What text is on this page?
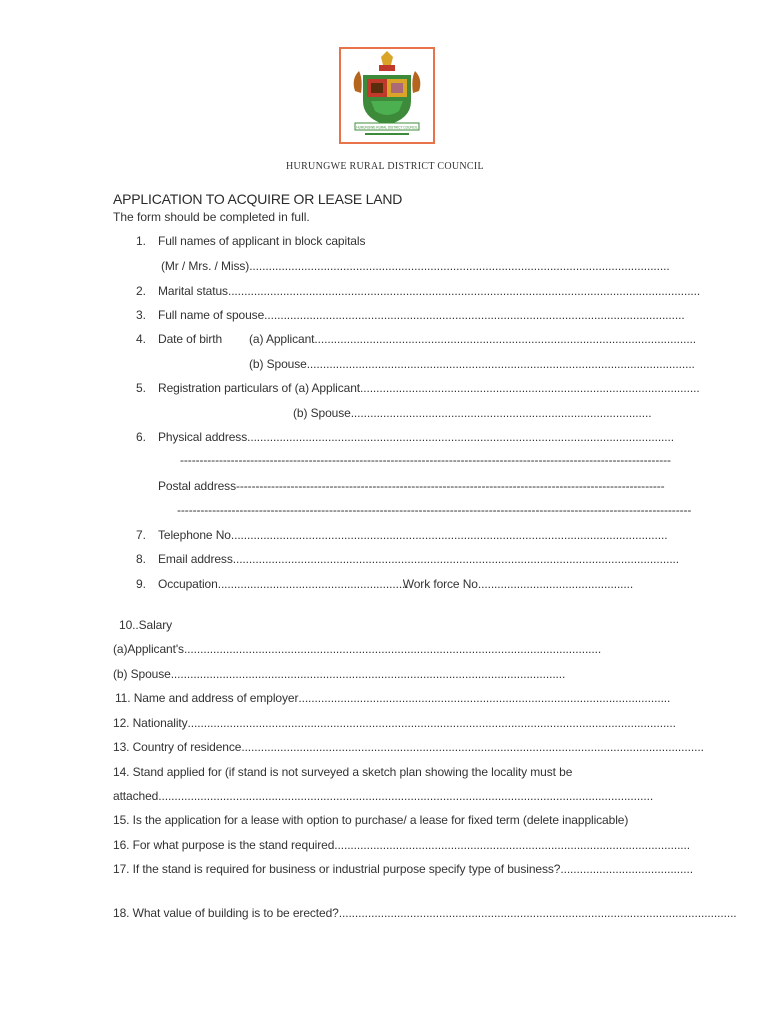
HURUNGWE RURAL DISTRICT COUNCIL
HURUNGWE RURAL DISTRICT COUNCIL
APPLICATION TO ACQUIRE OR LEASE LAND
The form should be completed in full.
1. Full names of applicant in block capitals
(Mr / Mrs. / Miss)..................................................................................................................................
2. Marital status..................................................................................................................................................
3. Full name of spouse..................................................................................................................................
4. Date of birth (a) Applicant......................................................................................................................
(b) Spouse........................................................................................................................
5. Registration particulars of (a) Applicant.........................................................................................................
(b) Spouse.............................................................................................
6. Physical address....................................................................................................................................
------------------------------------------------------------------------------------------------------------------------------
Postal address--------------------------------------------------------------------------------------------------------------
------------------------------------------------------------------------------------------------------------------------------------
7. Telephone No.......................................................................................................................................
8. Email address..........................................................................................................................................
9. Occupation...........................................................Work force No................................................
10..Salary
(a)Applicant's.................................................................................................................................
(b) Spouse..........................................................................................................................
11. Name and address of employer...................................................................................................................
12. Nationality.......................................................................................................................................................
13. Country of residence...............................................................................................................................................
14. Stand applied for (if stand is not surveyed a sketch plan showing the locality must be
attached.........................................................................................................................................................
15. Is the application for a lease with option to purchase/ a lease for fixed term (delete inapplicable)
16. For what purpose is the stand required..............................................................................................................
17. If the stand is required for business or industrial purpose specify type of business?.........................................
18. What value of building is to be erected?...........................................................................................................................
